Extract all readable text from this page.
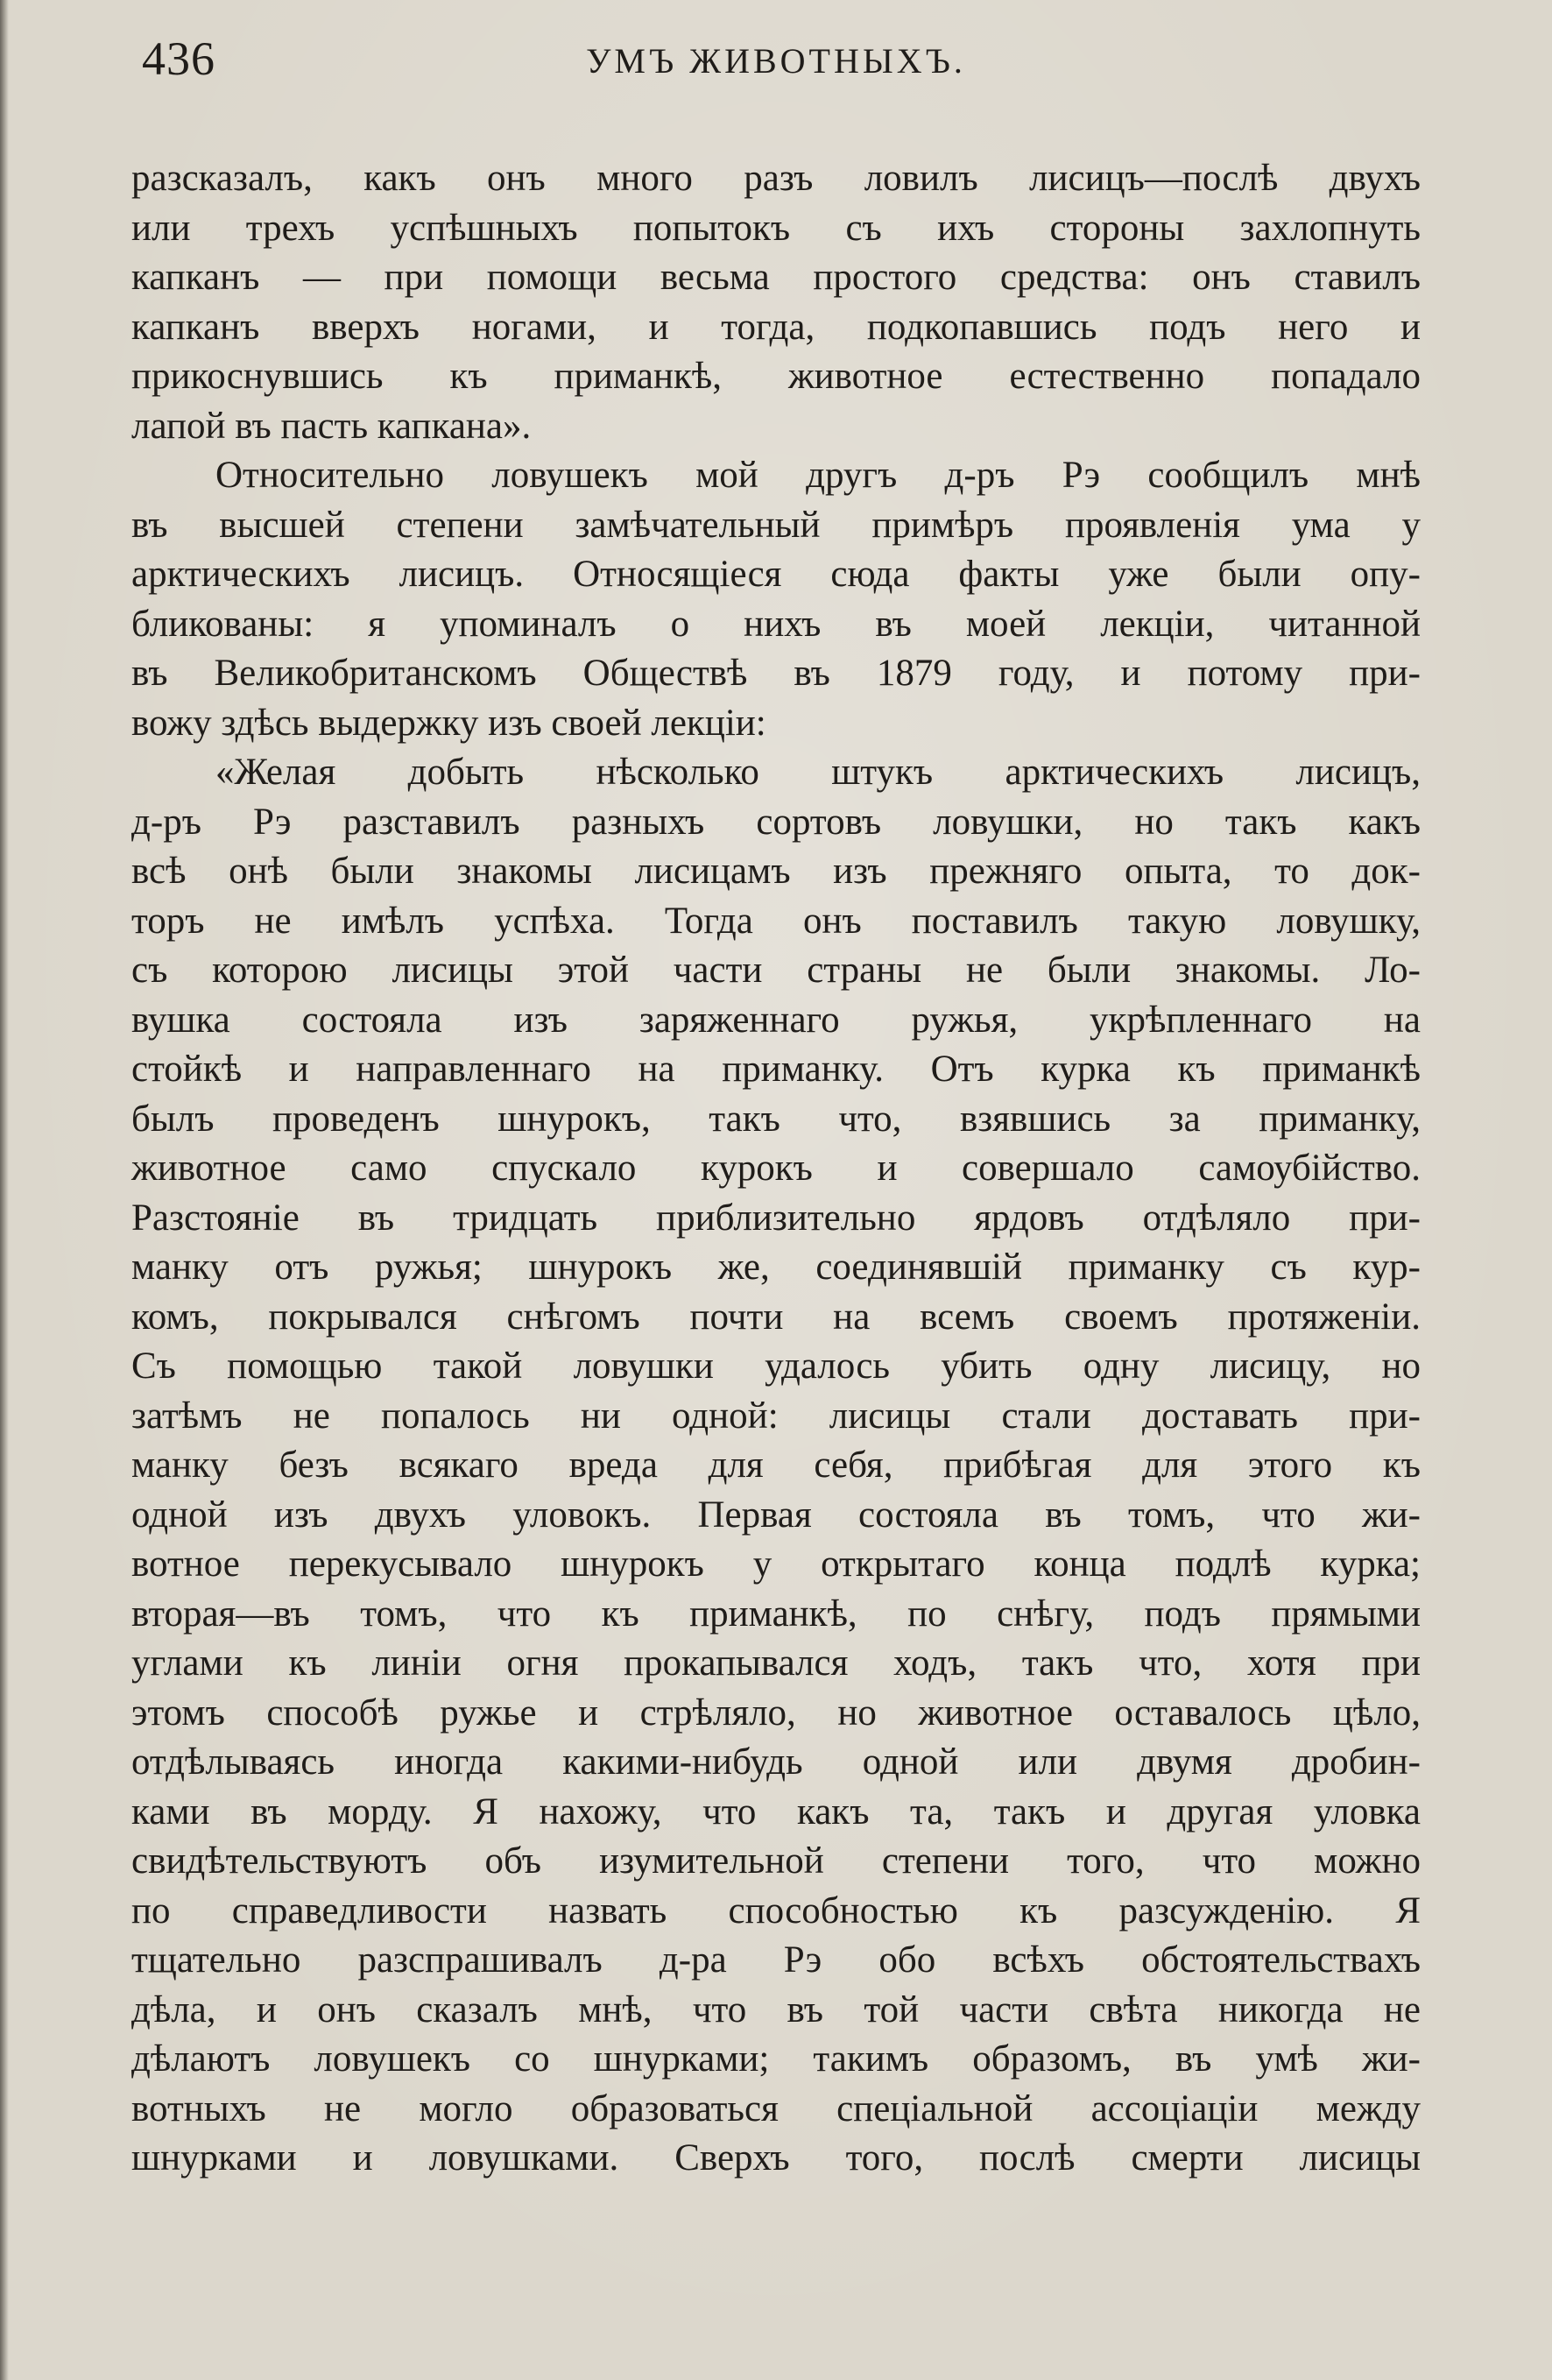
436	УМЪ ЖИВОТНЫХЪ.
разсказалъ, какъ онъ много разъ ловилъ лисицъ—послѣ двухъ
или трехъ успѣшныхъ попытокъ съ ихъ стороны захлопнуть
капканъ — при помощи весьма простого средства: онъ ставилъ
капканъ вверхъ ногами, и тогда, подкопавшись подъ него и
прикоснувшись къ приманкѣ, животное естественно попадало
лапой въ пасть капкана».
Относительно ловушекъ мой другъ д-ръ Рэ сообщилъ мнѣ
въ высшей степени замѣчательный примѣръ проявленія ума у
арктическихъ лисицъ. Относящіеся сюда факты уже были опу-
бликованы: я упоминалъ о нихъ въ моей лекціи, читанной
въ Великобританскомъ Обществѣ въ 1879 году, и потому при-
вожу здѣсь выдержку изъ своей лекціи:
«Желая добыть нѣсколько штукъ арктическихъ лисицъ,
д-ръ Рэ разставилъ разныхъ сортовъ ловушки, но такъ какъ
всѣ онѣ были знакомы лисицамъ изъ прежняго опыта, то док-
торъ не имѣлъ успѣха. Тогда онъ поставилъ такую ловушку,
съ которою лисицы этой части страны не были знакомы. Ло-
вушка состояла изъ заряженнаго ружья, укрѣпленнаго на
стойкѣ и направленнаго на приманку. Отъ курка къ приманкѣ
былъ проведенъ шнурокъ, такъ что, взявшись за приманку,
животное само спускало курокъ и совершало самоубійство.
Разстояніе въ тридцать приблизительно ярдовъ отдѣляло при-
манку отъ ружья; шнурокъ же, соединявшій приманку съ кур-
комъ, покрывался снѣгомъ почти на всемъ своемъ протяженіи.
Съ помощью такой ловушки удалось убить одну лисицу, но
затѣмъ не попалось ни одной: лисицы стали доставать при-
манку безъ всякаго вреда для себя, прибѣгая для этого къ
одной изъ двухъ уловокъ. Первая состояла въ томъ, что жи-
вотное перекусывало шнурокъ у открытаго конца подлѣ курка;
вторая—въ томъ, что къ приманкѣ, по снѣгу, подъ прямыми
углами къ линіи огня прокапывался ходъ, такъ что, хотя при
этомъ способѣ ружье и стрѣляло, но животное оставалось цѣло,
отдѣлываясь иногда какими-нибудь одной или двумя дробин-
ками въ морду. Я нахожу, что какъ та, такъ и другая уловка
свидѣтельствуютъ объ изумительной степени того, что можно
по справедливости назвать способностью къ разсужденію. Я
тщательно разспрашивалъ д-ра Рэ обо всѣхъ обстоятельствахъ
дѣла, и онъ сказалъ мнѣ, что въ той части свѣта никогда не
дѣлаютъ ловушекъ со шнурками; такимъ образомъ, въ умѣ жи-
вотныхъ не могло образоваться спеціальной ассоціаціи между
шнурками и ловушками. Сверхъ того, послѣ смерти лисицы
